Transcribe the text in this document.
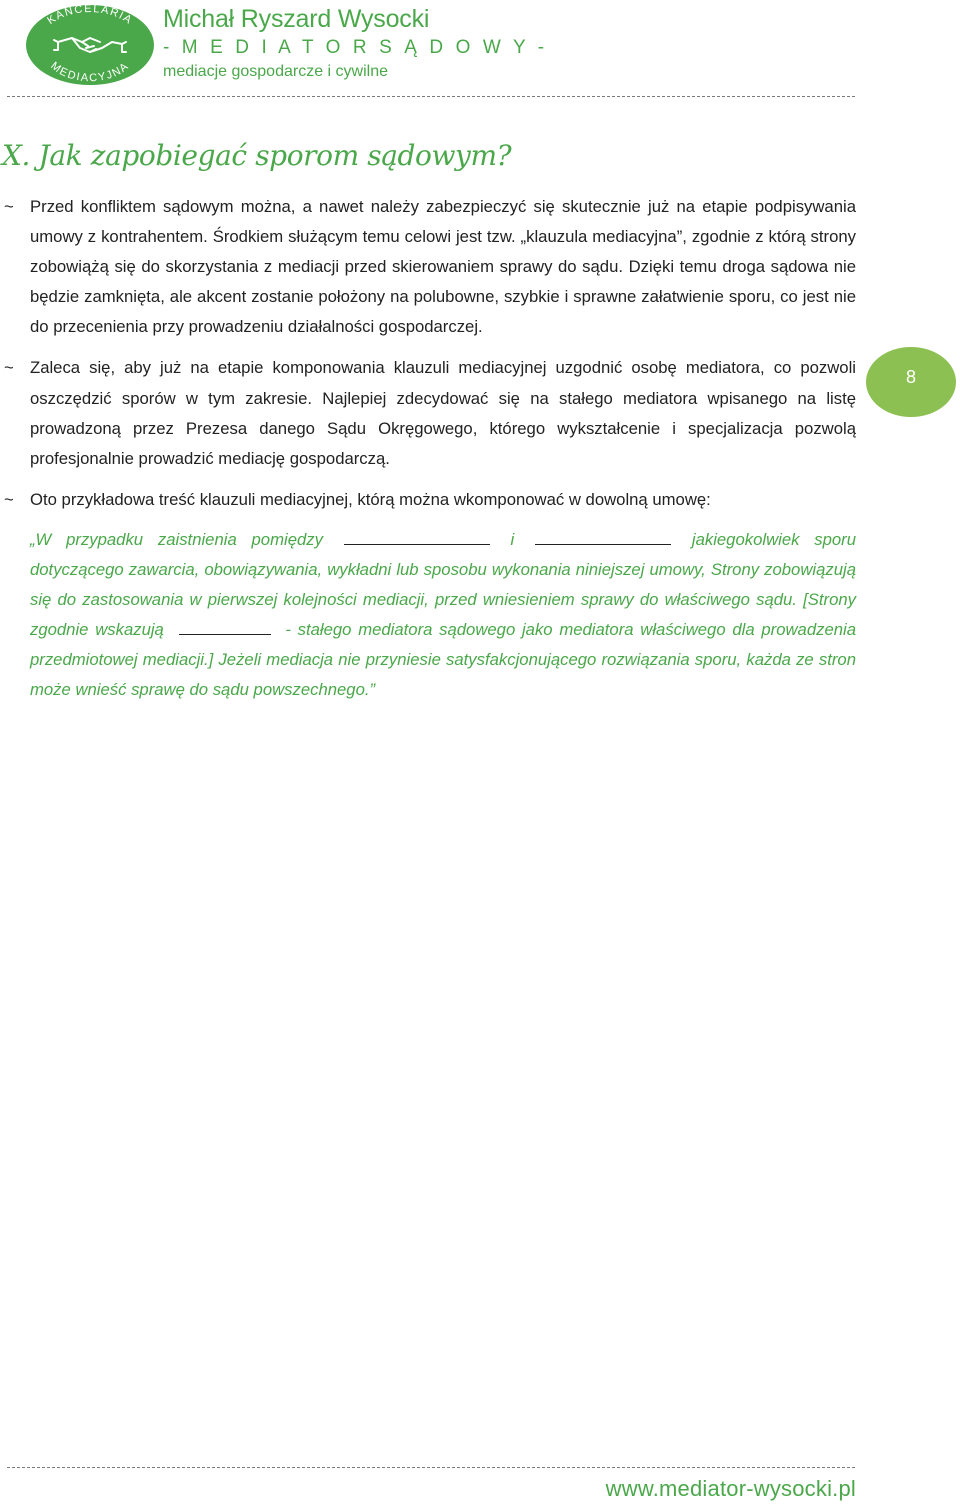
KANCELARIA
MEDIACYJNA
Michał Ryszard Wysocki
- M E D I A T O R S Ą D O W Y -
mediacje gospodarcze i cywilne
X. Jak zapobiegać sporom sądowym?

~ Przed konfliktem sądowym można, a nawet należy zabezpieczyć się skutecznie już na etapie podpisywania umowy z kontrahentem. Środkiem służącym temu celowi jest tzw. „klauzula mediacyjna”, zgodnie z którą strony zobowiążą się do skorzystania z mediacji przed skierowaniem sprawy do sądu. Dzięki temu droga sądowa nie będzie zamknięta, ale akcent zostanie położony na polubowne, szybkie i sprawne załatwienie sporu, co jest nie do przecenienia przy prowadzeniu działalności gospodarczej.

~ Zaleca się, aby już na etapie komponowania klauzuli mediacyjnej uzgodnić osobę mediatora, co pozwoli oszczędzić sporów w tym zakresie. Najlepiej zdecydować się na stałego mediatora wpisanego na listę prowadzoną przez Prezesa danego Sądu Okręgowego, którego wykształcenie i specjalizacja pozwolą profesjonalnie prowadzić mediację gospodarczą.

~ Oto przykładowa treść klauzuli mediacyjnej, którą można wkomponować w dowolną umowę:

„W przypadku zaistnienia pomiędzy	i	jakiegokolwiek sporu dotyczącego zawarcia, obowiązywania, wykładni lub sposobu wykonania niniejszej umowy, Strony zobowiązują się do zastosowania w pierwszej kolejności mediacji, przed wniesieniem sprawy do właściwego sądu. [Strony zgodnie wskazują	- stałego mediatora sądowego jako mediatora właściwego dla prowadzenia przedmiotowej mediacji.] Jeżeli mediacja nie przyniesie satysfakcjonującego rozwiązania sporu, każda ze stron może wnieść sprawę do sądu powszechnego.”

8
www.mediator-wysocki.pl
